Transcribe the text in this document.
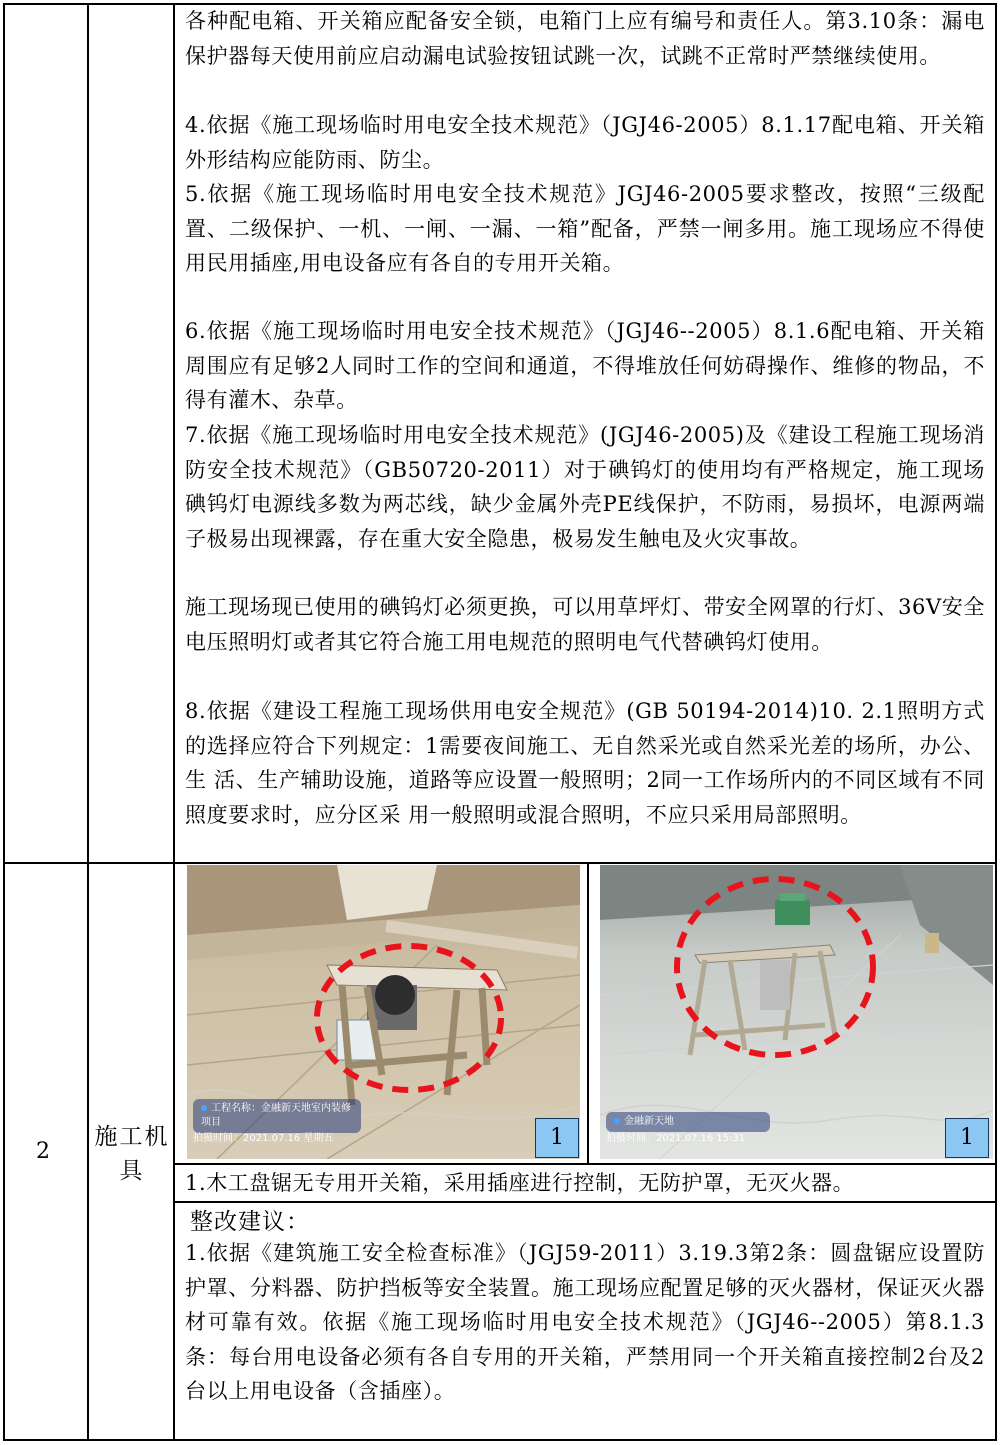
各种配电箱、开关箱应配备安全锁，电箱门上应有编号和责任人。第3.10条：漏电保护器每天使用前应启动漏电试验按钮试跳一次，试跳不正常时严禁继续使用。

4.依据《施工现场临时用电安全技术规范》（JGJ46-2005）8.1.17配电箱、开关箱外形结构应能防雨、防尘。

5.依据《施工现场临时用电安全技术规范》JGJ46-2005要求整改，按照“三级配置、二级保护、一机、一闸、一漏、一箱”配备，严禁一闸多用。施工现场应不得使用民用插座,用电设备应有各自的专用开关箱。

6.依据《施工现场临时用电安全技术规范》（JGJ46--2005）8.1.6配电箱、开关箱周围应有足够2人同时工作的空间和通道，不得堆放任何妨碍操作、维修的物品，不得有灌木、杂草。

7.依据《施工现场临时用电安全技术规范》(JGJ46-2005)及《建设工程施工现场消防安全技术规范》（GB50720-2011）对于碘钨灯的使用均有严格规定，施工现场碘钨灯电源线多数为两芯线，缺少金属外壳PE线保护，不防雨，易损坏，电源两端子极易出现裸露，存在重大安全隐患，极易发生触电及火灾事故。

施工现场现已使用的碘钨灯必须更换，可以用草坪灯、带安全网罩的行灯、36V安全电压照明灯或者其它符合施工用电规范的照明电气代替碘钨灯使用。

8.依据《建设工程施工现场供用电安全规范》(GB 50194-2014)10. 2.1照明方式的选择应符合下列规定：1需要夜间施工、无自然采光或自然采光差的场所，办公、生 活、生产辅助设施，道路等应设置一般照明；2同一工作场所内的不同区域有不同照度要求时，应分区采 用一般照明或混合照明，不应只采用局部照明。

2
施工机具
工程名称：金融新天地室内装修项目
拍摄时间：2021.07.16 星期五	1
金融新天地
拍摄时间：2021.07.16 15:31	1
1.木工盘锯无专用开关箱，采用插座进行控制，无防护罩，无灭火器。
整改建议：

1.依据《建筑施工安全检查标准》（JGJ59-2011）3.19.3第2条：圆盘锯应设置防护罩、分料器、防护挡板等安全装置。施工现场应配置足够的灭火器材，保证灭火器材可靠有效。依据《施工现场临时用电安全技术规范》（JGJ46--2005）第8.1.3条：每台用电设备必须有各自专用的开关箱，严禁用同一个开关箱直接控制2台及2台以上用电设备（含插座）。
